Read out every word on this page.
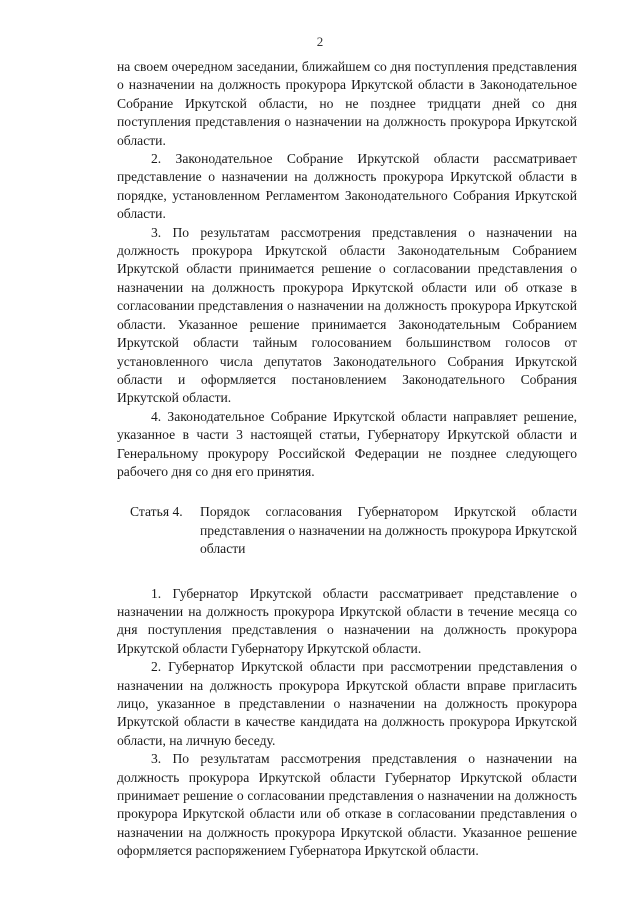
2

на своем очередном заседании, ближайшем со дня поступления представления о назначении на должность прокурора Иркутской области в Законодательное Собрание Иркутской области, но не позднее тридцати дней со дня поступления представления о назначении на должность прокурора Иркутской области.

2. Законодательное Собрание Иркутской области рассматривает представление о назначении на должность прокурора Иркутской области в порядке, установленном Регламентом Законодательного Собрания Иркутской области.

3. По результатам рассмотрения представления о назначении на должность прокурора Иркутской области Законодательным Собранием Иркутской области принимается решение о согласовании представления о назначении на должность прокурора Иркутской области или об отказе в согласовании представления о назначении на должность прокурора Иркутской области. Указанное решение принимается Законодательным Собранием Иркутской области тайным голосованием большинством голосов от установленного числа депутатов Законодательного Собрания Иркутской области и оформляется постановлением Законодательного Собрания Иркутской области.

4. Законодательное Собрание Иркутской области направляет решение, указанное в части 3 настоящей статьи, Губернатору Иркутской области и Генеральному прокурору Российской Федерации не позднее следующего рабочего дня со дня его принятия.

Статья 4.	Порядок согласования Губернатором Иркутской области представления о назначении на должность прокурора Иркутской области

1. Губернатор Иркутской области рассматривает представление о назначении на должность прокурора Иркутской области в течение месяца со дня поступления представления о назначении на должность прокурора Иркутской области Губернатору Иркутской области.

2. Губернатор Иркутской области при рассмотрении представления о назначении на должность прокурора Иркутской области вправе пригласить лицо, указанное в представлении о назначении на должность прокурора Иркутской области в качестве кандидата на должность прокурора Иркутской области, на личную беседу.

3. По результатам рассмотрения представления о назначении на должность прокурора Иркутской области Губернатор Иркутской области принимает решение о согласовании представления о назначении на должность прокурора Иркутской области или об отказе в согласовании представления о назначении на должность прокурора Иркутской области. Указанное решение оформляется распоряжением Губернатора Иркутской области.
